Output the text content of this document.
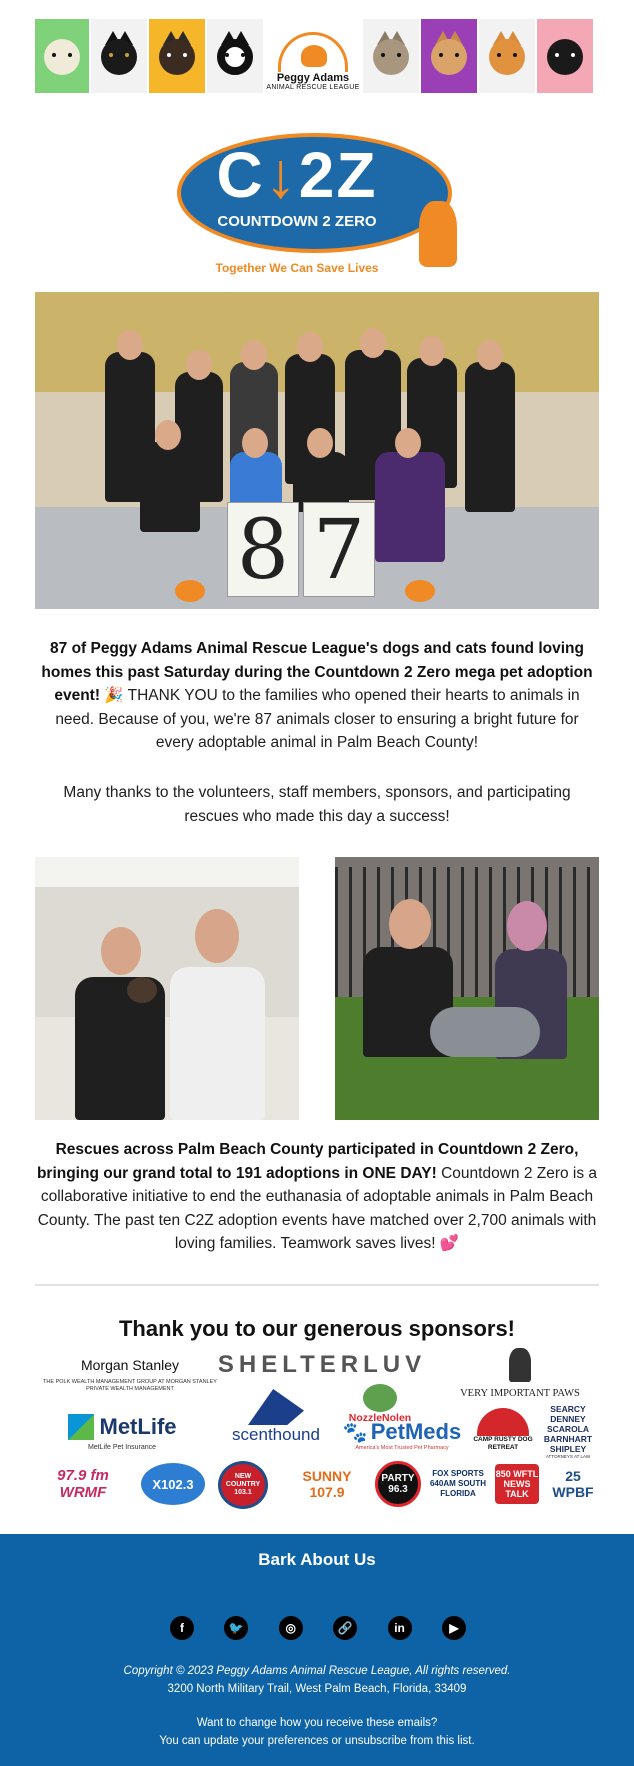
Peggy Adams
ANIMAL RESCUE LEAGUE
C↓2Z
COUNTDOWN 2 ZERO
Together We Can Save Lives
8 7

87 of Peggy Adams Animal Rescue League's dogs and cats found loving homes this past Saturday during the Countdown 2 Zero mega pet adoption event! 🎉 THANK YOU to the families who opened their hearts to animals in need. Because of you, we're 87 animals closer to ensuring a bright future for every adoptable animal in Palm Beach County!

Many thanks to the volunteers, staff members, sponsors, and participating rescues who made this day a success!

Rescues across Palm Beach County participated in Countdown 2 Zero, bringing our grand total to 191 adoptions in ONE DAY! Countdown 2 Zero is a collaborative initiative to end the euthanasia of adoptable animals in Palm Beach County. The past ten C2Z adoption events have matched over 2,700 animals with loving families. Teamwork saves lives! 💕

Thank you to our generous sponsors!
Morgan Stanley
THE POLK WEALTH MANAGEMENT GROUP AT MORGAN STANLEY PRIVATE WEALTH MANAGEMENT
SHELTERLUV
NozzleNolen
VERY IMPORTANT PAWS
MetLife
MetLife Pet Insurance
scenthound 🐾 PetMeds
America's Most Trusted Pet Pharmacy
CAMP RUSTY DOG RETREAT
SEARCY DENNEY SCAROLA BARNHART SHIPLEY
ATTORNEYS AT LAW
97.9 fm WRMF	X102.3	NEW COUNTRY 103.1
SUNNY 107.9
PARTY 96.3
FOX SPORTS 640AM SOUTH FLORIDA
850 WFTL NEWS TALK
25 WPBF
Bark About Us
f	🐦	◎	🔗	in	▶
Copyright © 2023 Peggy Adams Animal Rescue League, All rights reserved.
3200 North Military Trail, West Palm Beach, Florida, 33409
Want to change how you receive these emails?
You can update your preferences or unsubscribe from this list.
